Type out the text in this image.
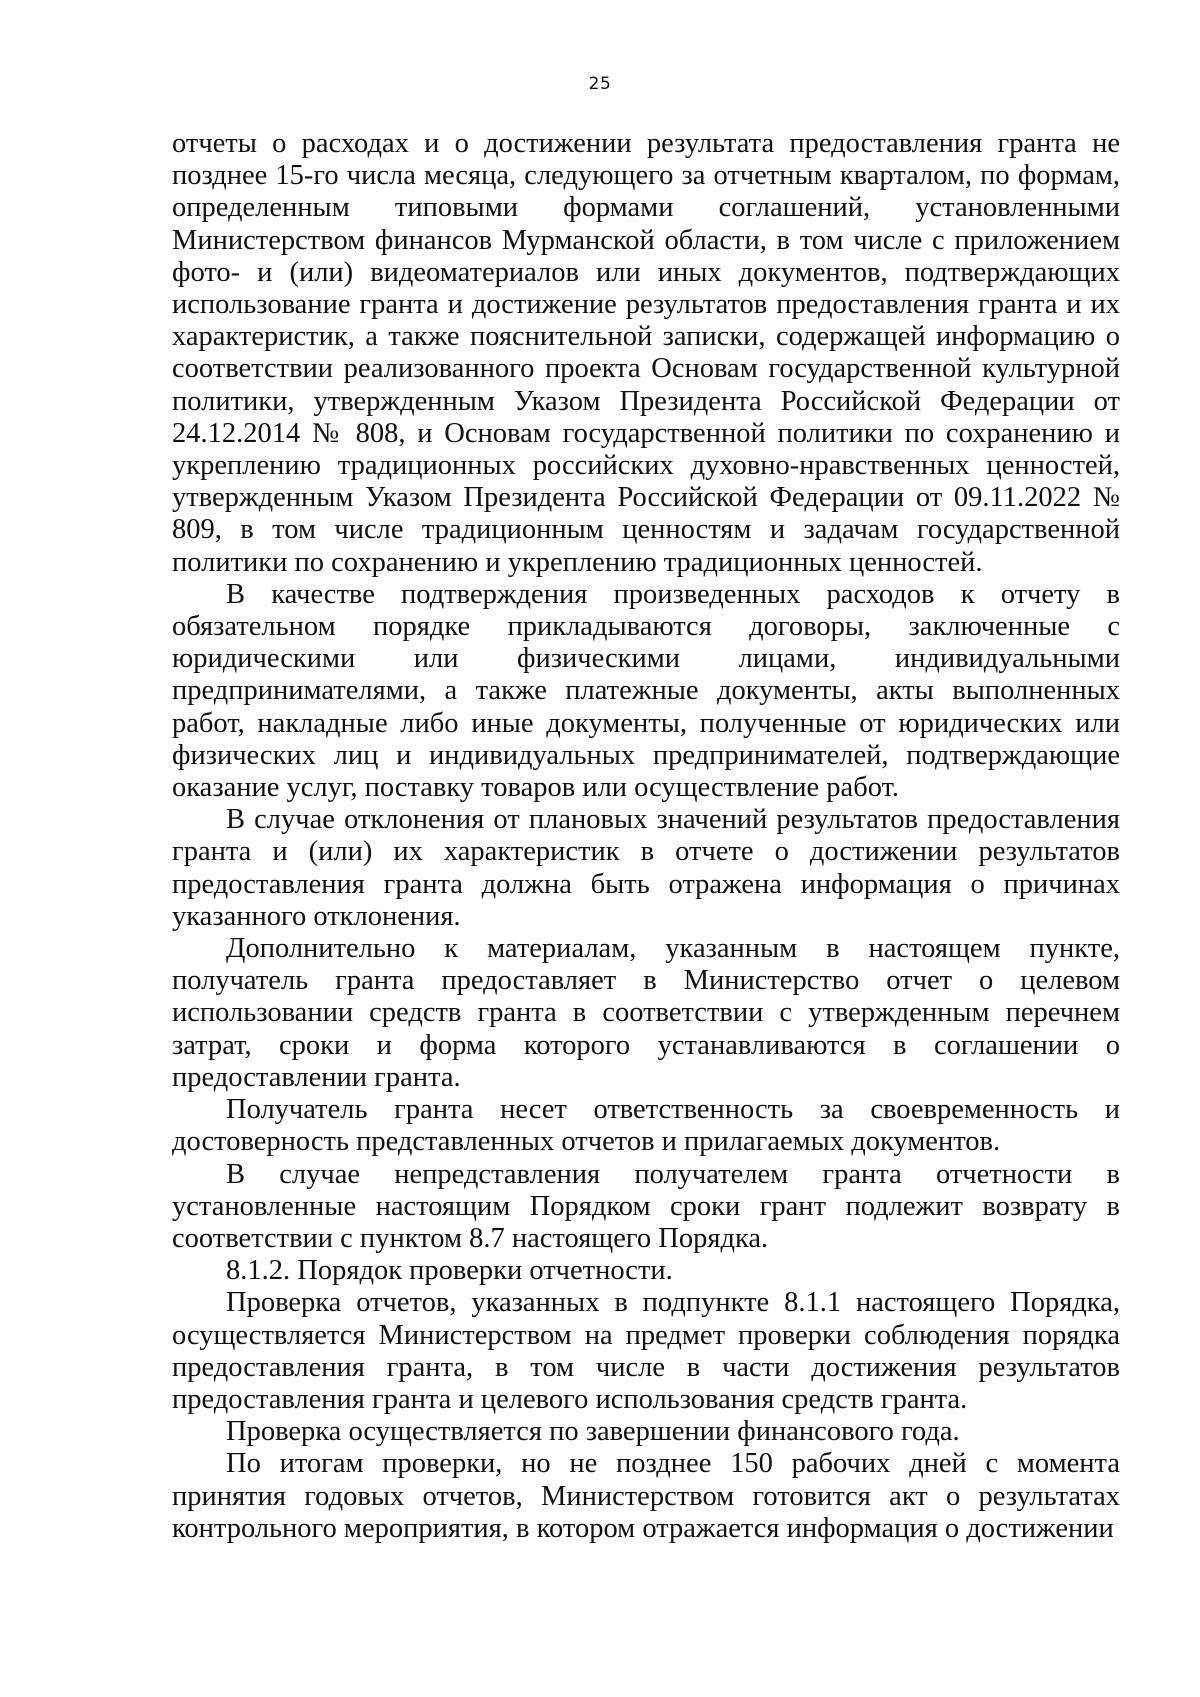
25

отчеты о расходах и о достижении результата предоставления гранта не позднее 15-го числа месяца, следующего за отчетным кварталом, по формам, определенным типовыми формами соглашений, установленными Министерством финансов Мурманской области, в том числе с приложением фото- и (или) видеоматериалов или иных документов, подтверждающих использование гранта и достижение результатов предоставления гранта и их характеристик, а также пояснительной записки, содержащей информацию о соответствии реализованного проекта Основам государственной культурной политики, утвержденным Указом Президента Российской Федерации от 24.12.2014 № 808, и Основам государственной политики по сохранению и укреплению традиционных российских духовно-нравственных ценностей, утвержденным Указом Президента Российской Федерации от 09.11.2022 № 809, в том числе традиционным ценностям и задачам государственной политики по сохранению и укреплению традиционных ценностей.

В качестве подтверждения произведенных расходов к отчету в обязательном порядке прикладываются договоры, заключенные с юридическими или физическими лицами, индивидуальными предпринимателями, а также платежные документы, акты выполненных работ, накладные либо иные документы, полученные от юридических или физических лиц и индивидуальных предпринимателей, подтверждающие оказание услуг, поставку товаров или осуществление работ.

В случае отклонения от плановых значений результатов предоставления гранта и (или) их характеристик в отчете о достижении результатов предоставления гранта должна быть отражена информация о причинах указанного отклонения.

Дополнительно к материалам, указанным в настоящем пункте, получатель гранта предоставляет в Министерство отчет о целевом использовании средств гранта в соответствии с утвержденным перечнем затрат, сроки и форма которого устанавливаются в соглашении о предоставлении гранта.

Получатель гранта несет ответственность за своевременность и достоверность представленных отчетов и прилагаемых документов.

В случае непредставления получателем гранта отчетности в установленные настоящим Порядком сроки грант подлежит возврату в соответствии с пунктом 8.7 настоящего Порядка.

8.1.2. Порядок проверки отчетности.

Проверка отчетов, указанных в подпункте 8.1.1 настоящего Порядка, осуществляется Министерством на предмет проверки соблюдения порядка предоставления гранта, в том числе в части достижения результатов предоставления гранта и целевого использования средств гранта.

Проверка осуществляется по завершении финансового года.

По итогам проверки, но не позднее 150 рабочих дней с момента принятия годовых отчетов, Министерством готовится акт о результатах контрольного мероприятия, в котором отражается информация о достижении
